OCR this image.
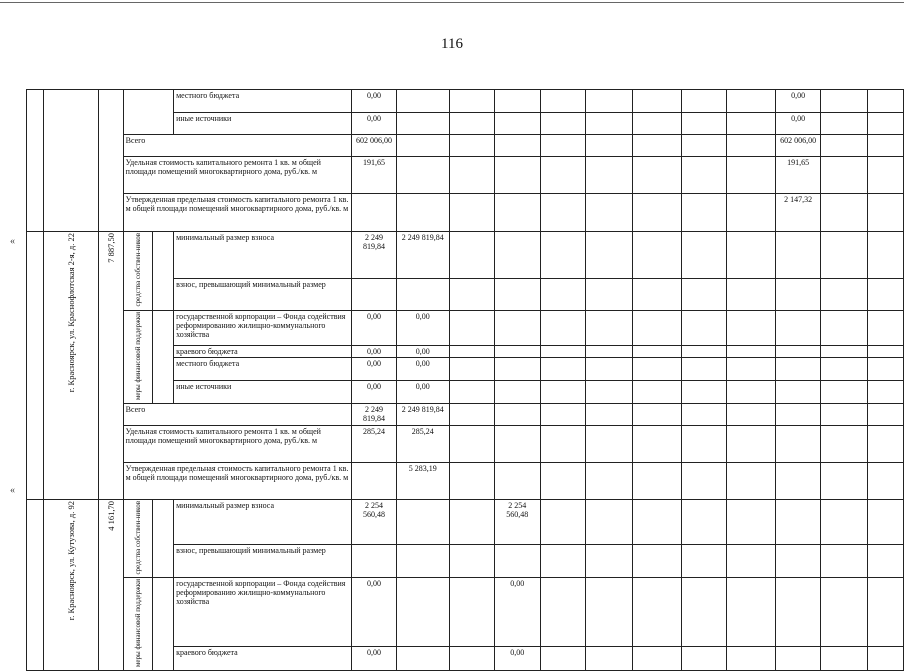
116
«
«
					местного бюджета	0,00									0,00		
					иные источники	0,00									0,00		
			Всего			602 006,00									602 006,00		
			Удельная стоимость капитального ремонта 1 кв. м общей площади помещений многоквартирного дома, руб./кв. м			191,65									191,65		
			Утвержденная предельная стоимость капитального ремонта 1 кв. м общей площади помещений многоквартирного дома, руб./кв. м												2 147,32		
	г. Красноярск, ул. Краснофлотская 2-я, д. 22	7 887,50	средства собствен-ников		минимальный размер взноса	2 249 819,84	2 249 819,84										
					взнос, превышающий минимальный размер												
			меры финансовой поддержки		государственной корпорации – Фонда содействия реформированию жилищно-коммунального хозяйства	0,00	0,00										
					краевого бюджета	0,00	0,00										
					местного бюджета	0,00	0,00										
					иные источники	0,00	0,00										
			Всего			2 249 819,84	2 249 819,84										
			Удельная стоимость капитального ремонта 1 кв. м общей площади помещений многоквартирного дома, руб./кв. м			285,24	285,24										
			Утвержденная предельная стоимость капитального ремонта 1 кв. м общей площади помещений многоквартирного дома, руб./кв. м				5 283,19										
	г. Красноярск, ул. Кутузова, д. 92	4 161,70	средства собствен-ников		минимальный размер взноса	2 254 560,48			2 254 560,48								
					взнос, превышающий минимальный размер												
			меры финансовой поддержки		государственной корпорации – Фонда содействия реформированию жилищно-коммунального хозяйства	0,00			0,00								
					краевого бюджета	0,00			0,00								
